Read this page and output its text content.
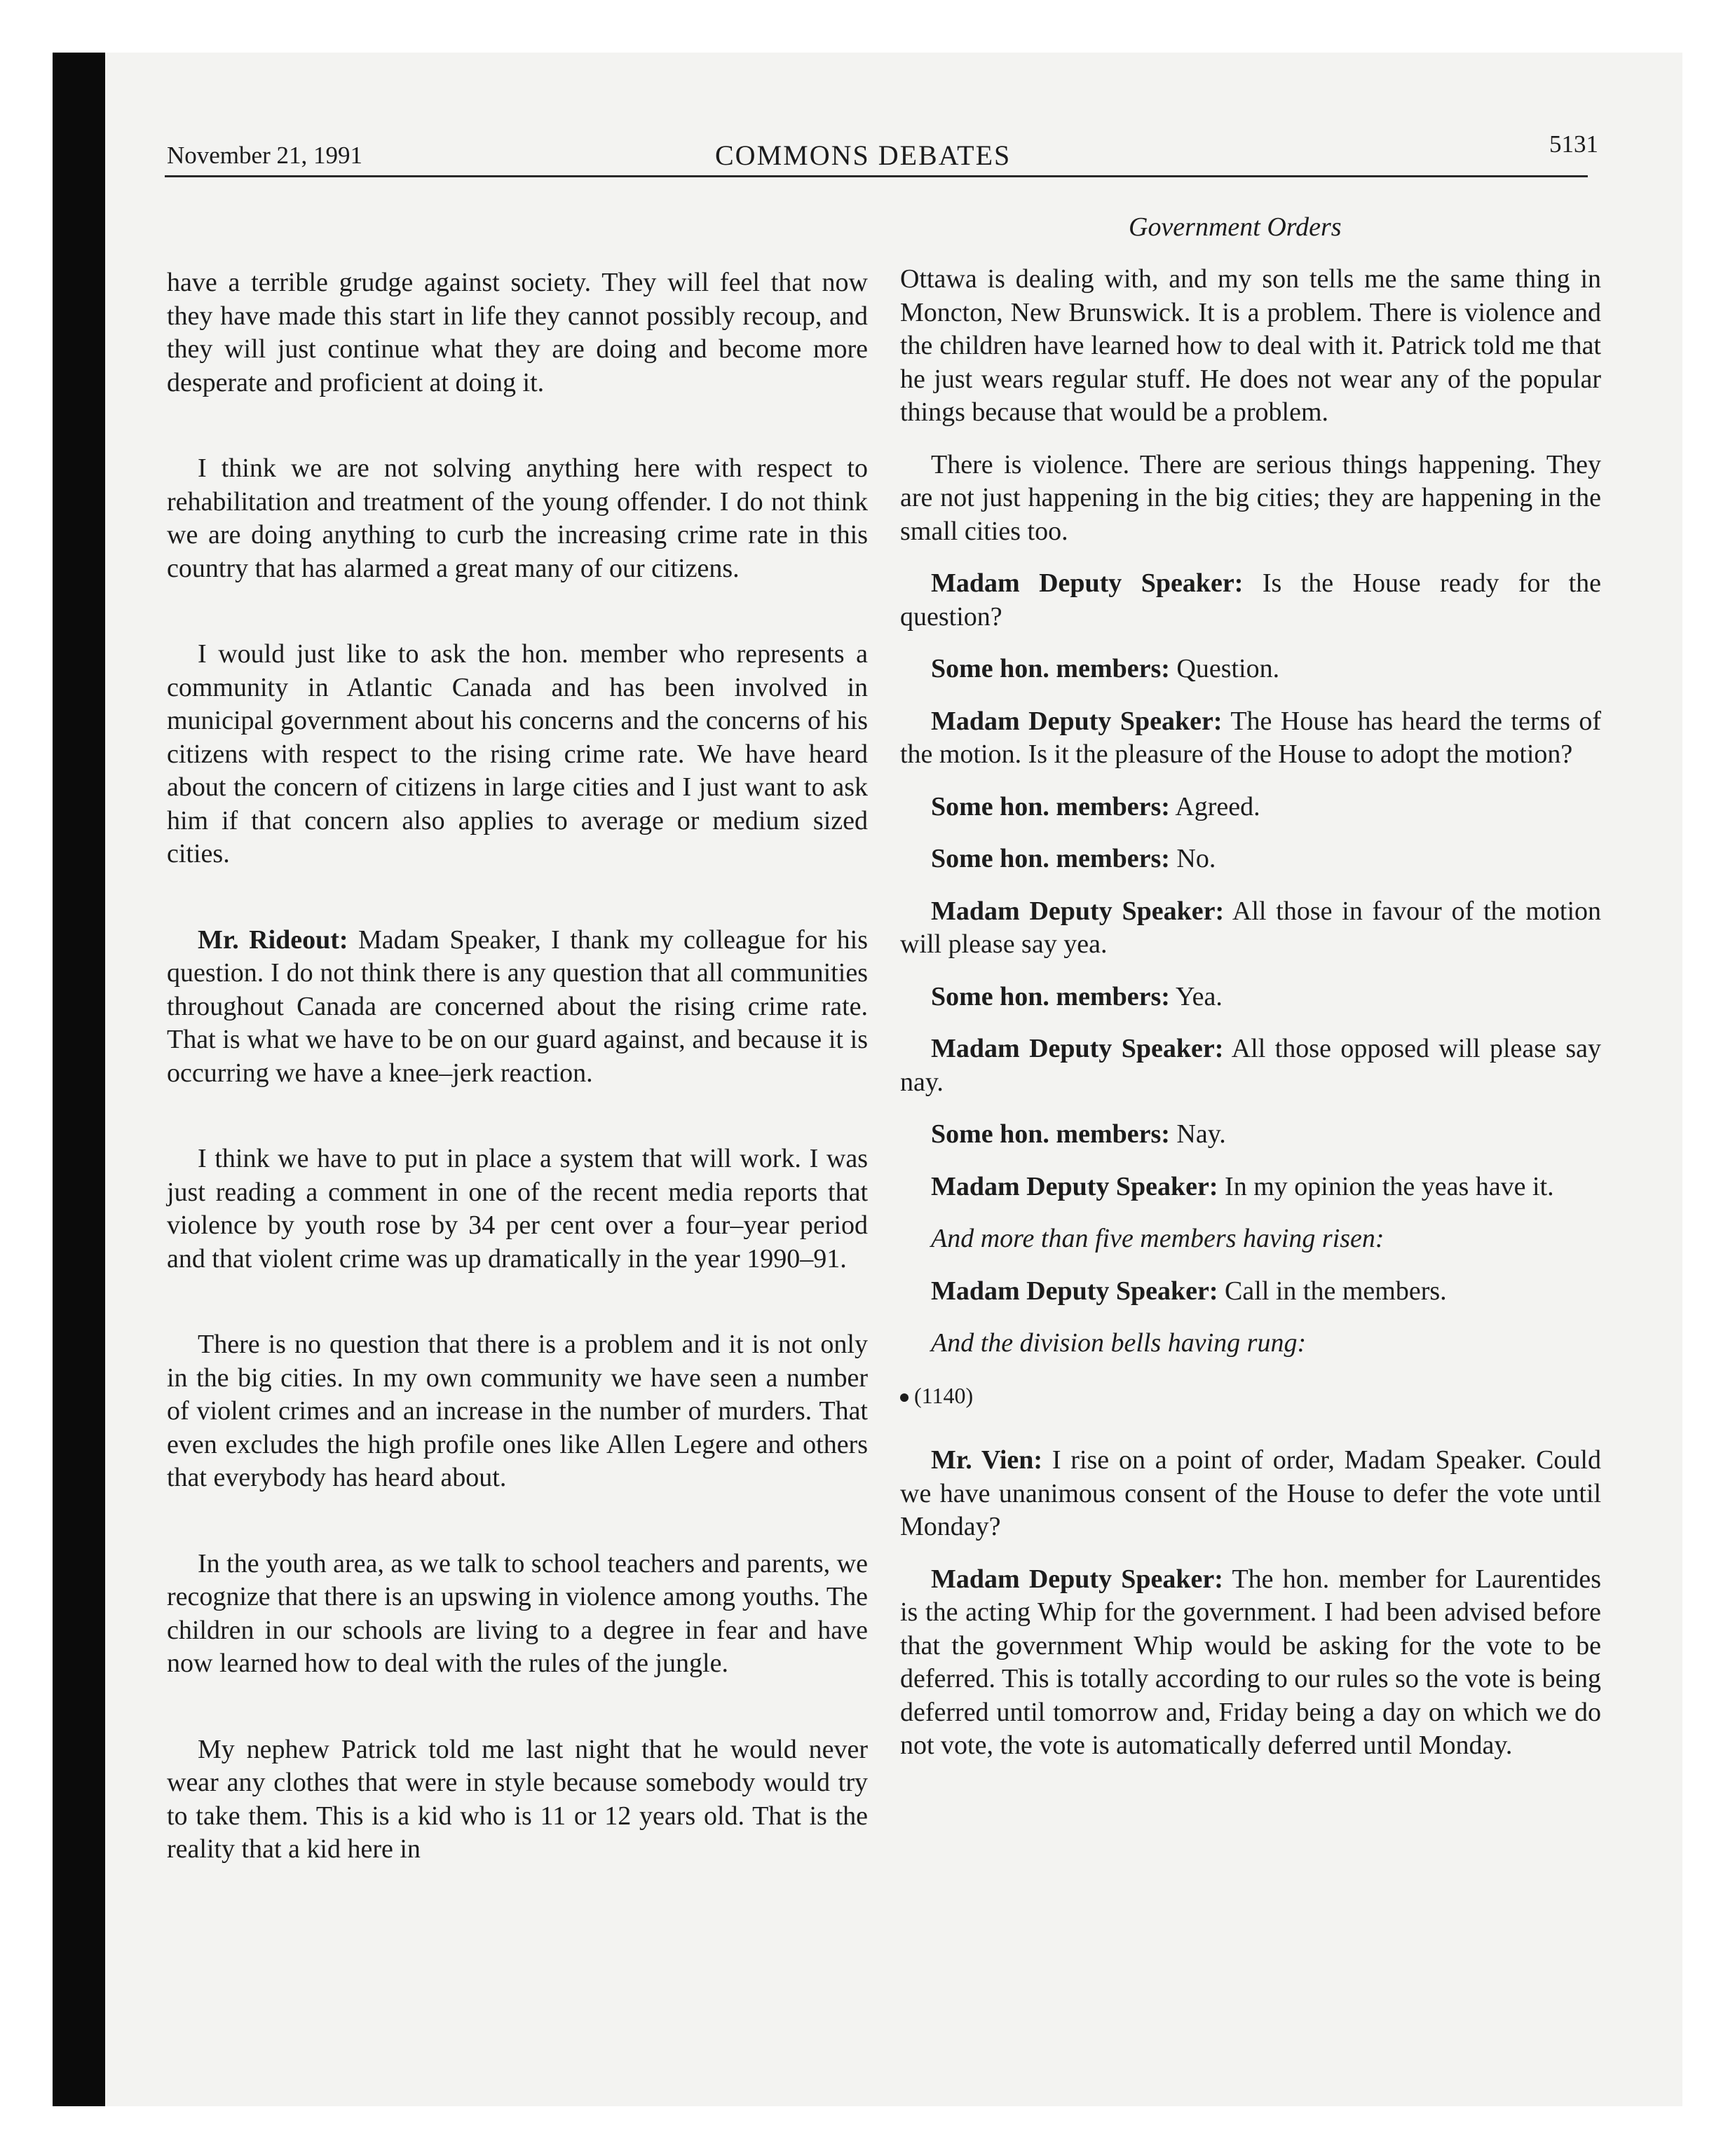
November 21, 1991	COMMONS DEBATES	5131
Government Orders

have a terrible grudge against society. They will feel that now they have made this start in life they cannot possibly recoup, and they will just continue what they are doing and become more desperate and proficient at doing it.

I think we are not solving anything here with respect to rehabilitation and treatment of the young offender. I do not think we are doing anything to curb the increasing crime rate in this country that has alarmed a great many of our citizens.

I would just like to ask the hon. member who represents a community in Atlantic Canada and has been involved in municipal government about his concerns and the concerns of his citizens with respect to the rising crime rate. We have heard about the concern of citizens in large cities and I just want to ask him if that concern also applies to average or medium sized cities.

Mr. Rideout: Madam Speaker, I thank my colleague for his question. I do not think there is any question that all communities throughout Canada are concerned about the rising crime rate. That is what we have to be on our guard against, and because it is occurring we have a knee–jerk reaction.

I think we have to put in place a system that will work. I was just reading a comment in one of the recent media reports that violence by youth rose by 34 per cent over a four–year period and that violent crime was up dramatically in the year 1990–91.

There is no question that there is a problem and it is not only in the big cities. In my own community we have seen a number of violent crimes and an increase in the number of murders. That even excludes the high profile ones like Allen Legere and others that everybody has heard about.

In the youth area, as we talk to school teachers and parents, we recognize that there is an upswing in violence among youths. The children in our schools are living to a degree in fear and have now learned how to deal with the rules of the jungle.

My nephew Patrick told me last night that he would never wear any clothes that were in style because somebody would try to take them. This is a kid who is 11 or 12 years old. That is the reality that a kid here in

Ottawa is dealing with, and my son tells me the same thing in Moncton, New Brunswick. It is a problem. There is violence and the children have learned how to deal with it. Patrick told me that he just wears regular stuff. He does not wear any of the popular things because that would be a problem.

There is violence. There are serious things happening. They are not just happening in the big cities; they are happening in the small cities too.

Madam Deputy Speaker: Is the House ready for the question?

Some hon. members: Question.

Madam Deputy Speaker: The House has heard the terms of the motion. Is it the pleasure of the House to adopt the motion?

Some hon. members: Agreed.

Some hon. members: No.

Madam Deputy Speaker: All those in favour of the motion will please say yea.

Some hon. members: Yea.

Madam Deputy Speaker: All those opposed will please say nay.

Some hon. members: Nay.

Madam Deputy Speaker: In my opinion the yeas have it.

And more than five members having risen:

Madam Deputy Speaker: Call in the members.

And the division bells having rung:

(1140)

Mr. Vien: I rise on a point of order, Madam Speaker. Could we have unanimous consent of the House to defer the vote until Monday?

Madam Deputy Speaker: The hon. member for Laurentides is the acting Whip for the government. I had been advised before that the government Whip would be asking for the vote to be deferred. This is totally according to our rules so the vote is being deferred until tomorrow and, Friday being a day on which we do not vote, the vote is automatically deferred until Monday.
